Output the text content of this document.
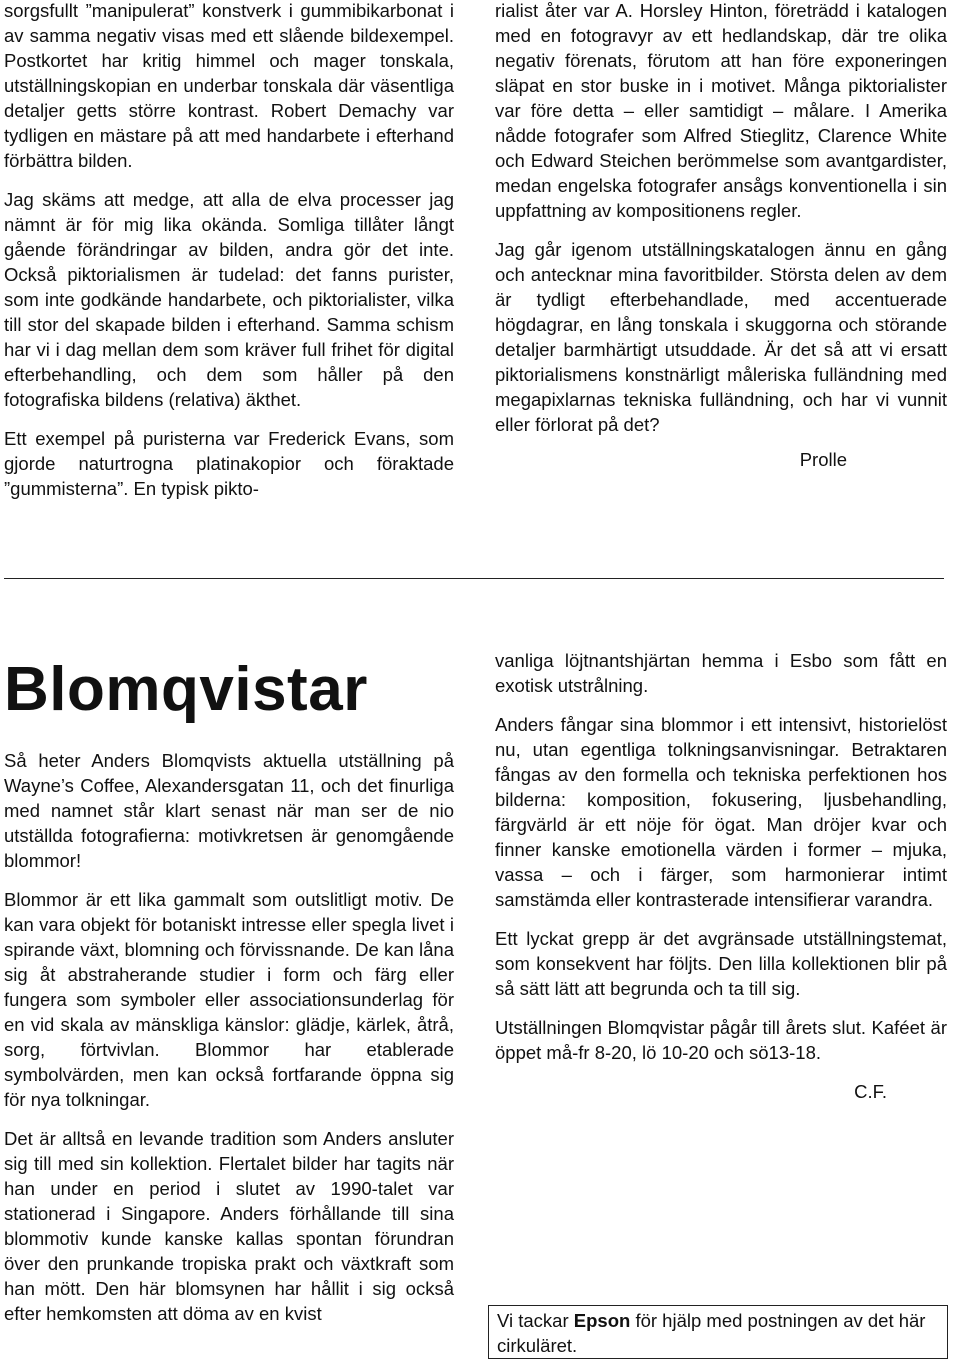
sorgsfullt ”manipulerat” konstverk i gummibikarbonat i av samma negativ visas med ett slående bildexempel. Postkortet har kritig himmel och mager tonskala, utställningskopian en underbar tonskala där väsentliga detaljer getts större kontrast. Robert Demachy var tydligen en mästare på att med handarbete i efterhand förbättra bilden.

Jag skäms att medge, att alla de elva processer jag nämnt är för mig lika okända. Somliga tillåter långt gående förändringar av bilden, andra gör det inte. Också piktorialismen är tudelad: det fanns purister, som inte godkände handarbete, och piktorialister, vilka till stor del skapade bilden i efterhand. Samma schism har vi i dag mellan dem som kräver full frihet för digital efterbehandling, och dem som håller på den fotografiska bildens (relativa) äkthet.

Ett exempel på puristerna var Frederick Evans, som gjorde naturtrogna platinakopior och föraktade ”gummisterna”. En typisk pikto-

rialist åter var A. Horsley Hinton, företrädd i katalogen med en fotogravyr av ett hedlandskap, där tre olika negativ förenats, förutom att han före exponeringen släpat en stor buske in i motivet. Många piktorialister var före detta – eller samtidigt – målare. I Amerika nådde fotografer som Alfred Stieglitz, Clarence White och Edward Steichen berömmelse som avantgardister, medan engelska fotografer ansågs konventionella i sin uppfattning av kompositionens regler.

Jag går igenom utställningskatalogen ännu en gång och antecknar mina favoritbilder. Största delen av dem är tydligt efterbehandlade, med accentuerade högdagrar, en lång tonskala i skuggorna och störande detaljer barmhärtigt utsuddade. Är det så att vi ersatt piktorialismens konstnärligt måleriska fulländning med megapixlarnas tekniska fulländning, och har vi vunnit eller förlorat på det?

Prolle
Blomqvistar

Så heter Anders Blomqvists aktuella utställning på Wayne’s Coffee, Alexandersgatan 11, och det finurliga med namnet står klart senast när man ser de nio utställda fotografierna: motivkretsen är genomgående blommor!

Blommor är ett lika gammalt som outslitligt motiv. De kan vara objekt för botaniskt intresse eller spegla livet i spirande växt, blomning och förvissnande. De kan låna sig åt abstraherande studier i form och färg eller fungera som symboler eller associationsunderlag för en vid skala av mänskliga känslor: glädje, kärlek, åtrå, sorg, förtvivlan. Blommor har etablerade symbolvärden, men kan också fortfarande öppna sig för nya tolkningar.

Det är alltså en levande tradition som Anders ansluter sig till med sin kollektion. Flertalet bilder har tagits när han under en period i slutet av 1990-talet var stationerad i Singapore. Anders förhållande till sina blommotiv kunde kanske kallas spontan förundran över den prunkande tropiska prakt och växtkraft som han mött. Den här blomsynen har hållit i sig också efter hemkomsten att döma av en kvist

vanliga löjtnantshjärtan hemma i Esbo som fått en exotisk utstrålning.

Anders fångar sina blommor i ett intensivt, historielöst nu, utan egentliga tolkningsanvisningar. Betraktaren fångas av den formella och tekniska perfektionen hos bilderna: komposition, fokusering, ljusbehandling, färgvärld är ett nöje för ögat. Man dröjer kvar och finner kanske emotionella värden i former – mjuka, vassa – och i färger, som harmonierar intimt samstämda eller kontrasterade intensifierar varandra.

Ett lyckat grepp är det avgränsade utställningstemat, som konsekvent har följts. Den lilla kollektionen blir på så sätt lätt att begrunda och ta till sig.

Utställningen Blomqvistar pågår till årets slut. Kaféet är öppet må-fr 8-20, lö 10-20 och sö13-18.

C.F.
Vi tackar Epson för hjälp med postningen av det här cirkuläret.
